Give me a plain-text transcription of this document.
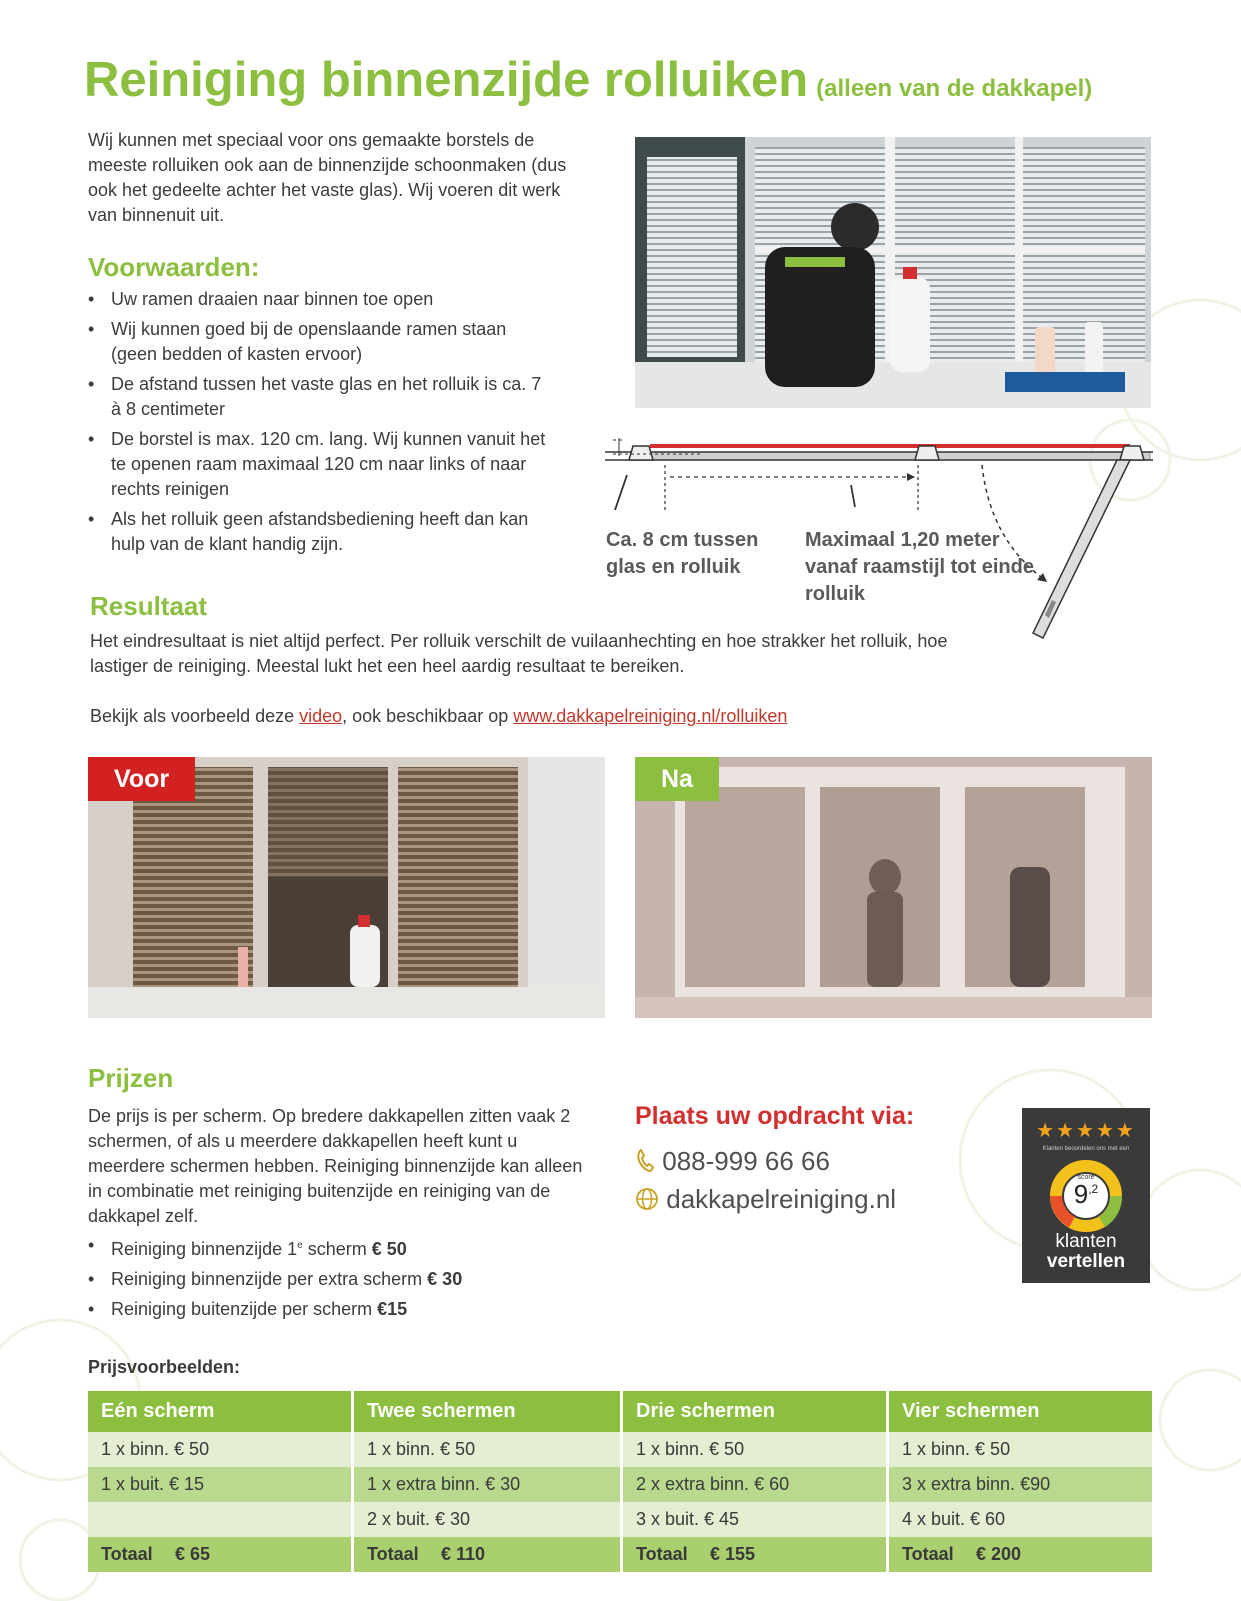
Reiniging binnenzijde rolluiken (alleen van de dakkapel)
Wij kunnen met speciaal voor ons gemaakte borstels de meeste rolluiken ook aan de binnenzijde schoonmaken (dus ook het gedeelte achter het vaste glas). Wij voeren dit werk van binnenuit uit.
Voorwaarden:
• Uw ramen draaien naar binnen toe open
• Wij kunnen goed bij de openslaande ramen staan (geen bedden of kasten ervoor)
• De afstand tussen het vaste glas en het rolluik is ca. 7 à 8 centimeter
• De borstel is max. 120 cm. lang. Wij kunnen vanuit het te openen raam maximaal 120 cm naar links of naar rechts reinigen
• Als het rolluik geen afstandsbediening heeft dan kan hulp van de klant handig zijn.	Ca. 8 cm tussen glas en rolluik
Maximaal 1,20 meter vanaf raamstijl tot einde rolluik
Resultaat
Het eindresultaat is niet altijd perfect. Per rolluik verschilt de vuilaanhechting en hoe strakker het rolluik, hoe lastiger de reiniging. Meestal lukt het een heel aardig resultaat te bereiken.
Bekijk als voorbeeld deze video, ook beschikbaar op www.dakkapelreiniging.nl/rolluiken
Voor	Na
Prijzen
De prijs is per scherm. Op bredere dakkapellen zitten vaak 2 schermen, of als u meerdere dakkapellen heeft kunt u meerdere schermen hebben. Reiniging binnenzijde kan alleen in combinatie met reiniging buitenzijde en reiniging van de dakkapel zelf.
• Reiniging binnenzijde 1e scherm € 50
• Reiniging binnenzijde per extra scherm € 30
• Reiniging buitenzijde per scherm €15
Plaats uw opdracht via:
088-999 66 66
dakkapelreiniging.nl
★★★★★
Klanten beoordelen ons met een
score
$9^{,2}$
klanten
vertellen
Prijsvoorbeelden:
Eén scherm	Twee schermen	Drie schermen	Vier schermen
1 x binn. € 50	1 x binn. € 50	1 x binn. € 50	1 x binn. € 50
1 x buit. € 15	1 x extra binn. € 30	2 x extra binn. € 60	3 x extra binn. €90
	2 x buit. € 30	3 x buit. € 45	4 x buit. € 60
Totaal € 65	Totaal € 110	Totaal € 155	Totaal € 200
